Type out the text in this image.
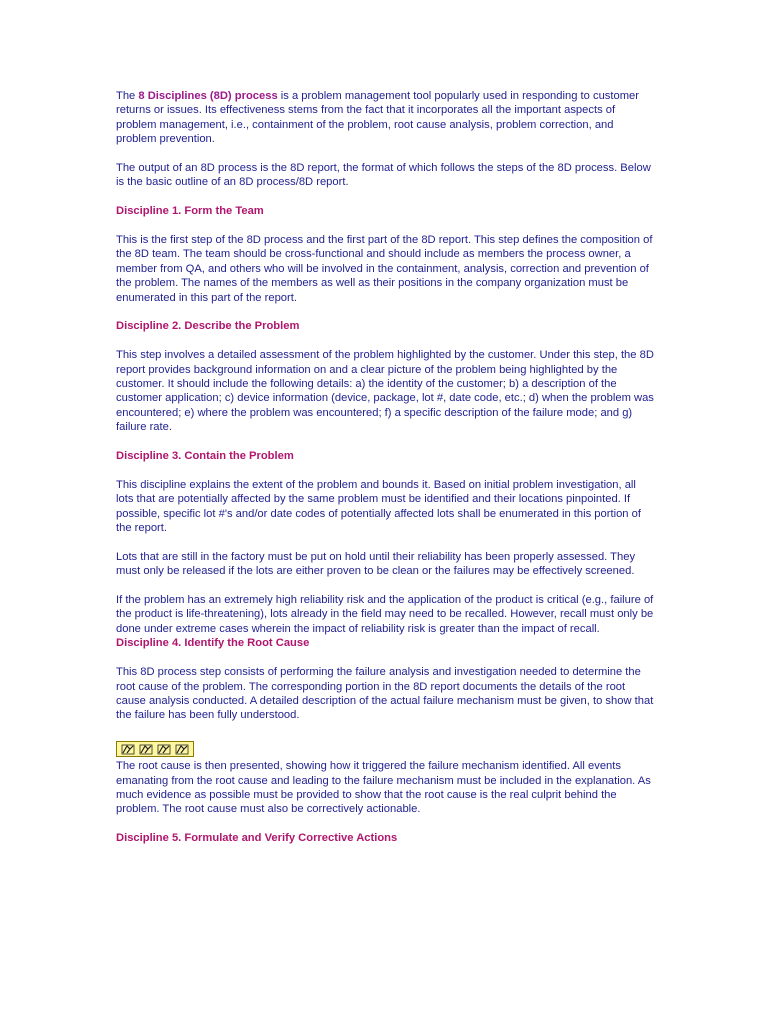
The 8 Disciplines (8D) process is a problem management tool popularly used in responding to customer returns or issues. Its effectiveness stems from the fact that it incorporates all the important aspects of problem management, i.e., containment of the problem, root cause analysis, problem correction, and problem prevention.

The output of an 8D process is the 8D report, the format of which follows the steps of the 8D process. Below is the basic outline of an 8D process/8D report.

Discipline 1. Form the Team

This is the first step of the 8D process and the first part of the 8D report. This step defines the composition of the 8D team. The team should be cross-functional and should include as members the process owner, a member from QA, and others who will be involved in the containment, analysis, correction and prevention of the problem. The names of the members as well as their positions in the company organization must be enumerated in this part of the report.

Discipline 2. Describe the Problem

This step involves a detailed assessment of the problem highlighted by the customer. Under this step, the 8D report provides background information on and a clear picture of the problem being highlighted by the customer. It should include the following details: a) the identity of the customer; b) a description of the customer application; c) device information (device, package, lot #, date code, etc.; d) when the problem was encountered; e) where the problem was encountered; f) a specific description of the failure mode; and g) failure rate.

Discipline 3. Contain the Problem

This discipline explains the extent of the problem and bounds it. Based on initial problem investigation, all lots that are potentially affected by the same problem must be identified and their locations pinpointed. If possible, specific lot #'s and/or date codes of potentially affected lots shall be enumerated in this portion of the report.

Lots that are still in the factory must be put on hold until their reliability has been properly assessed. They must only be released if the lots are either proven to be clean or the failures may be effectively screened.

If the problem has an extremely high reliability risk and the application of the product is critical (e.g., failure of the product is life-threatening), lots already in the field may need to be recalled. However, recall must only be done under extreme cases wherein the impact of reliability risk is greater than the impact of recall.

Discipline 4. Identify the Root Cause

This 8D process step consists of performing the failure analysis and investigation needed to determine the root cause of the problem. The corresponding portion in the 8D report documents the details of the root cause analysis conducted. A detailed description of the actual failure mechanism must be given, to show that the failure has been fully understood.

The root cause is then presented, showing how it triggered the failure mechanism identified. All events emanating from the root cause and leading to the failure mechanism must be included in the explanation. As much evidence as possible must be provided to show that the root cause is the real culprit behind the problem. The root cause must also be correctively actionable.

Discipline 5. Formulate and Verify Corrective Actions
